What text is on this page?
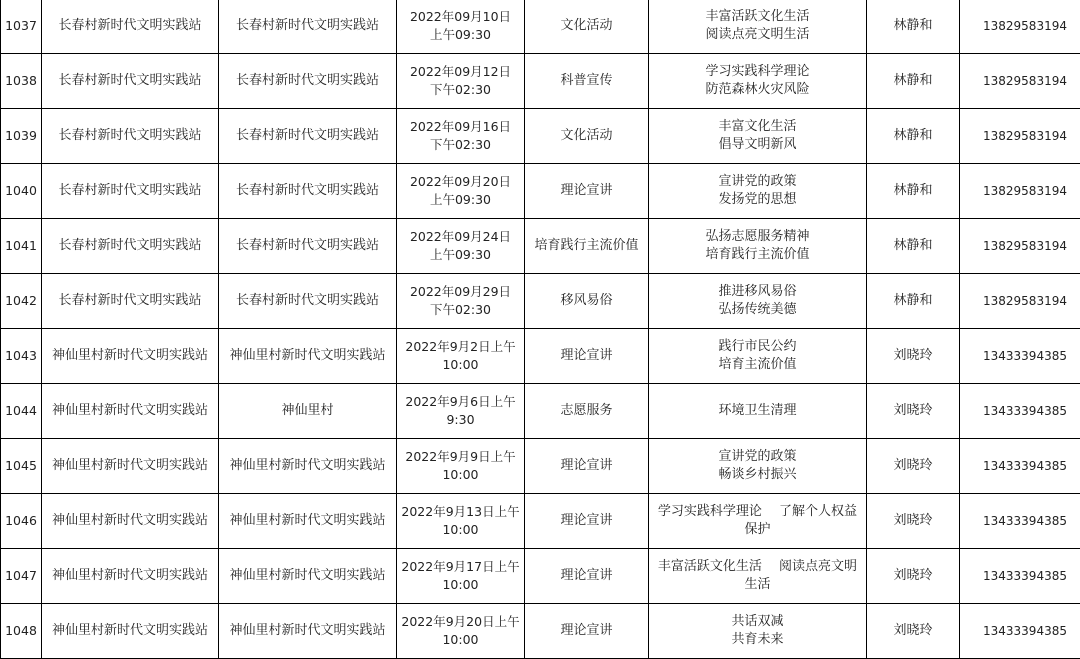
1037	长春村新时代文明实践站	长春村新时代文明实践站	2022年09月10日
上午09:30	文化活动	丰富活跃文化生活
阅读点亮文明生活	林静和	13829583194

1038	长春村新时代文明实践站	长春村新时代文明实践站	2022年09月12日
下午02:30	科普宣传	学习实践科学理论
防范森林火灾风险	林静和	13829583194

1039	长春村新时代文明实践站	长春村新时代文明实践站	2022年09月16日
下午02:30	文化活动	丰富文化生活
倡导文明新风	林静和	13829583194

1040	长春村新时代文明实践站	长春村新时代文明实践站	2022年09月20日
上午09:30	理论宣讲	宣讲党的政策
发扬党的思想	林静和	13829583194

1041	长春村新时代文明实践站	长春村新时代文明实践站	2022年09月24日
上午09:30	培育践行主流价值	弘扬志愿服务精神
培育践行主流价值	林静和	13829583194

1042	长春村新时代文明实践站	长春村新时代文明实践站	2022年09月29日
下午02:30	移风易俗	推进移风易俗
弘扬传统美德	林静和	13829583194

1043	神仙里村新时代文明实践站	神仙里村新时代文明实践站	2022年9月2日上午
10:00	理论宣讲	践行市民公约
培育主流价值	刘晓玲	13433394385

1044	神仙里村新时代文明实践站	神仙里村	2022年9月6日上午
9:30	志愿服务	环境卫生清理	刘晓玲	13433394385

1045	神仙里村新时代文明实践站	神仙里村新时代文明实践站	2022年9月9日上午
10:00	理论宣讲	宣讲党的政策
畅谈乡村振兴	刘晓玲	13433394385

1046	神仙里村新时代文明实践站	神仙里村新时代文明实践站	2022年9月13日上午
10:00	理论宣讲	学习实践科学理论　 了解个人权益
保护	刘晓玲	13433394385

1047	神仙里村新时代文明实践站	神仙里村新时代文明实践站	2022年9月17日上午
10:00	理论宣讲	丰富活跃文化生活　 阅读点亮文明
生活	刘晓玲	13433394385

1048	神仙里村新时代文明实践站	神仙里村新时代文明实践站	2022年9月20日上午
10:00	理论宣讲	共话双减
共育未来	刘晓玲	13433394385
